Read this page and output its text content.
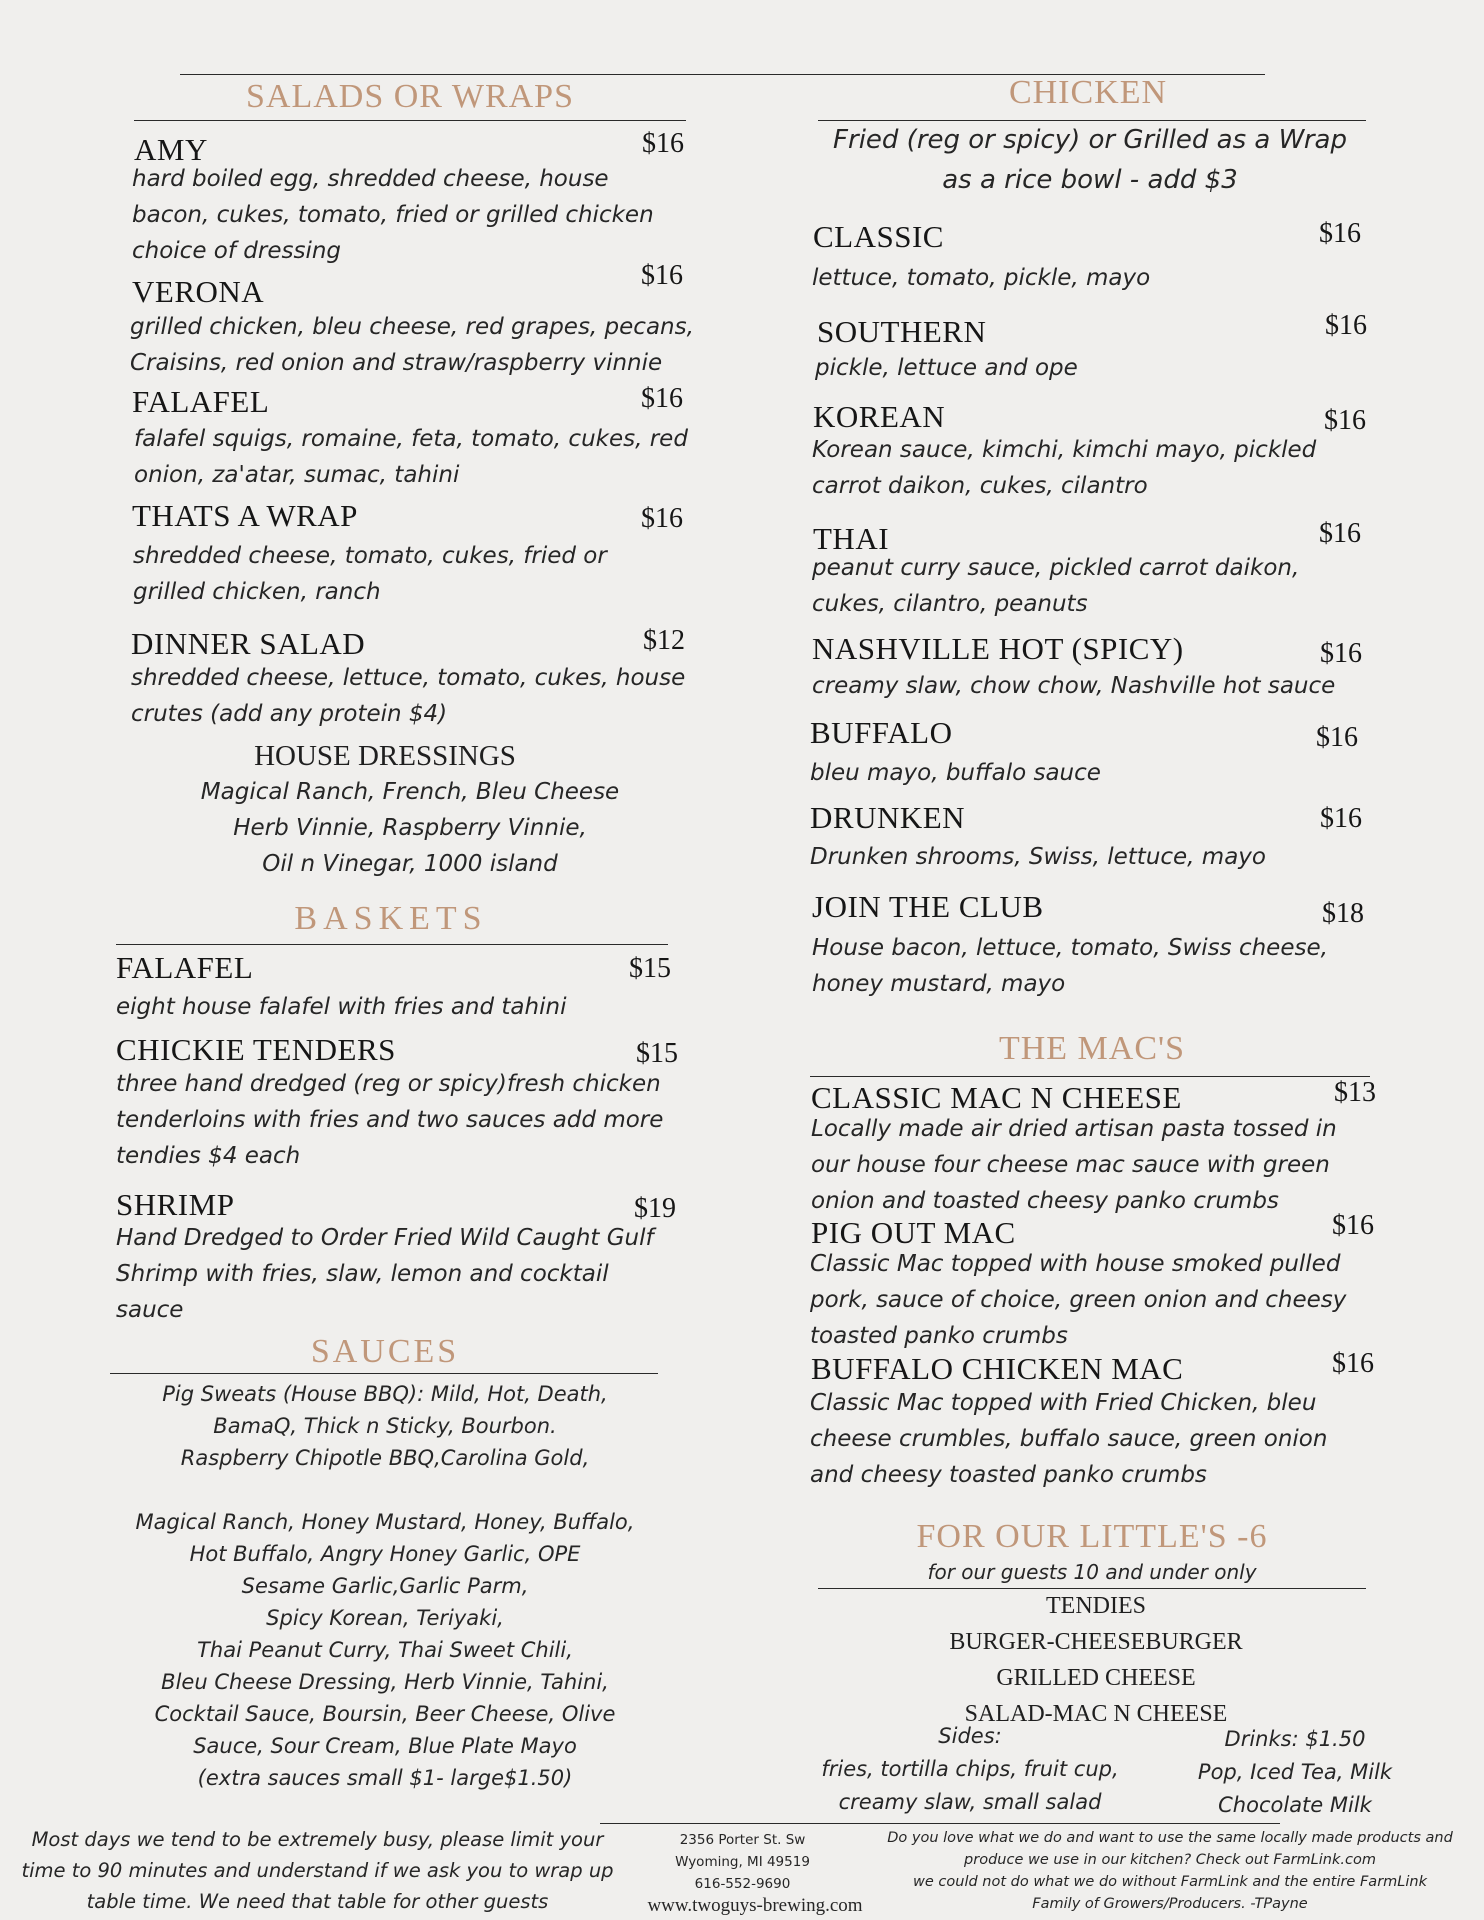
SALADS OR WRAPS
AMY	$16
hard boiled egg, shredded cheese, house bacon, cukes, tomato, fried or grilled chicken choice of dressing
VERONA	$16
grilled chicken, bleu cheese, red grapes, pecans, Craisins, red onion and straw/raspberry vinnie
FALAFEL	$16
falafel squigs, romaine, feta, tomato, cukes, red onion, za'atar, sumac, tahini
THATS A WRAP	$16
shredded cheese, tomato, cukes, fried or grilled chicken, ranch
DINNER SALAD	$12
shredded cheese, lettuce, tomato, cukes, house crutes (add any protein $4)
HOUSE DRESSINGS
Magical Ranch, French, Bleu Cheese
Herb Vinnie, Raspberry Vinnie,
Oil n Vinegar, 1000 island
BASKETS
FALAFEL	$15
eight house falafel with fries and tahini
CHICKIE TENDERS	$15
three hand dredged (reg or spicy)fresh chicken tenderloins with fries and two sauces add more tendies $4 each
SHRIMP	$19
Hand Dredged to Order Fried Wild Caught Gulf Shrimp with fries, slaw, lemon and cocktail sauce
SAUCES
Pig Sweats (House BBQ): Mild, Hot, Death,
BamaQ, Thick n Sticky, Bourbon.
Raspberry Chipotle BBQ,Carolina Gold,
Magical Ranch, Honey Mustard, Honey, Buffalo,
Hot Buffalo, Angry Honey Garlic, OPE
Sesame Garlic,Garlic Parm,
Spicy Korean, Teriyaki,
Thai Peanut Curry, Thai Sweet Chili,
Bleu Cheese Dressing, Herb Vinnie, Tahini,
Cocktail Sauce, Boursin, Beer Cheese, Olive
Sauce, Sour Cream, Blue Plate Mayo
(extra sauces small $1- large$1.50)
CHICKEN
Fried (reg or spicy) or Grilled as a Wrap
as a rice bowl - add $3
CLASSIC	$16
lettuce, tomato, pickle, mayo
SOUTHERN	$16
pickle, lettuce and ope
KOREAN	$16
Korean sauce, kimchi, kimchi mayo, pickled carrot daikon, cukes, cilantro
THAI	$16
peanut curry sauce, pickled carrot daikon, cukes, cilantro, peanuts
NASHVILLE HOT (SPICY)	$16
creamy slaw, chow chow, Nashville hot sauce
BUFFALO	$16
bleu mayo, buffalo sauce
DRUNKEN	$16
Drunken shrooms, Swiss, lettuce, mayo
JOIN THE CLUB	$18
House bacon, lettuce, tomato, Swiss cheese, honey mustard, mayo
THE MAC'S
CLASSIC MAC N CHEESE	$13
Locally made air dried artisan pasta tossed in our house four cheese mac sauce with green onion and toasted cheesy panko crumbs
PIG OUT MAC	$16
Classic Mac topped with house smoked pulled pork, sauce of choice, green onion and cheesy toasted panko crumbs
BUFFALO CHICKEN MAC	$16
Classic Mac topped with Fried Chicken, bleu cheese crumbles, buffalo sauce, green onion and cheesy toasted panko crumbs
FOR OUR LITTLE'S -6
for our guests 10 and under only
TENDIES
BURGER-CHEESEBURGER
GRILLED CHEESE
SALAD-MAC N CHEESE
Sides:
fries, tortilla chips, fruit cup,
creamy slaw, small salad
Drinks: $1.50
Pop, Iced Tea, Milk
Chocolate Milk
Most days we tend to be extremely busy, please limit your
time to 90 minutes and understand if we ask you to wrap up
table time. We need that table for other guests
2356 Porter St. Sw
Wyoming, MI 49519
616-552-9690
www.twoguys-brewing.com
Do you love what we do and want to use the same locally made products and
produce we use in our kitchen? Check out FarmLink.com
we could not do what we do without FarmLink and the entire FarmLink
Family of Growers/Producers. -TPayne
